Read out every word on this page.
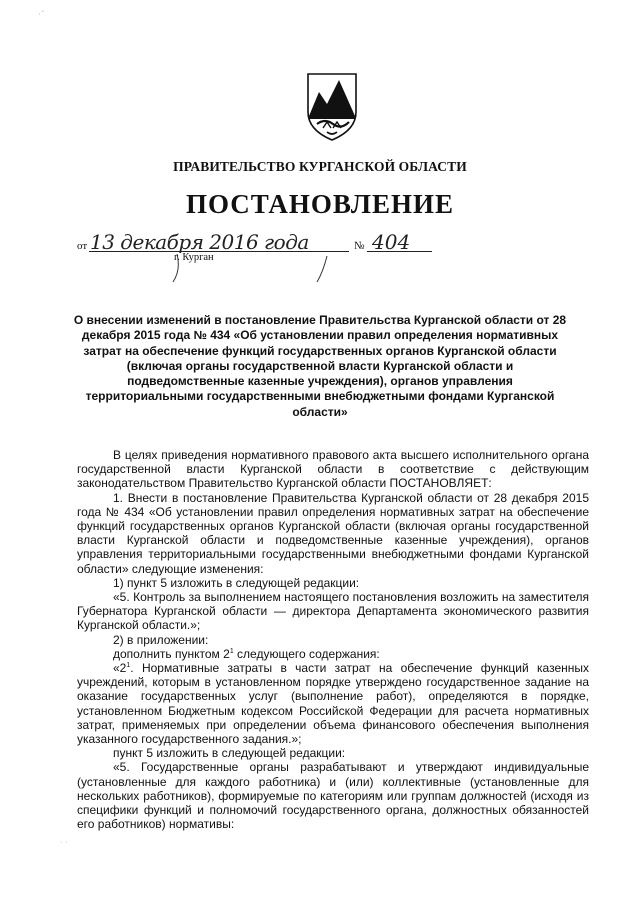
·ˊ
ПРАВИТЕЛЬСТВО КУРГАНСКОЙ ОБЛАСТИ
ПОСТАНОВЛЕНИЕ
от 13 декабря 2016 года	№ 404
г. Курган
О внесении изменений в постановление Правительства Курганской области от 28 декабря 2015 года № 434 «Об установлении правил определения нормативных затрат на обеспечение функций государственных органов Курганской области (включая органы государственной власти Курганской области и подведомственные казенные учреждения), органов управления территориальными государственными внебюджетными фондами Курганской области»

В целях приведения нормативного правового акта высшего исполнительного органа государственной власти Курганской области в соответствие с действующим законодательством Правительство Курганской области ПОСТАНОВЛЯЕТ:

1. Внести в постановление Правительства Курганской области от 28 декабря 2015 года № 434 «Об установлении правил определения нормативных затрат на обеспечение функций государственных органов Курганской области (включая органы государственной власти Курганской области и подведомственные казенные учреждения), органов управления территориальными государственными внебюджетными фондами Курганской области» следующие изменения:

1) пункт 5 изложить в следующей редакции:

«5. Контроль за выполнением настоящего постановления возложить на заместителя Губернатора Курганской области — директора Департамента экономического развития Курганской области.»;

2) в приложении:

дополнить пунктом $2^1$ следующего содержания:

«$2^1$. Нормативные затраты в части затрат на обеспечение функций казенных учреждений, которым в установленном порядке утверждено государственное задание на оказание государственных услуг (выполнение работ), определяются в порядке, установленном Бюджетным кодексом Российской Федерации для расчета нормативных затрат, применяемых при определении объема финансового обеспечения выполнения указанного государственного задания.»;

пункт 5 изложить в следующей редакции:

«5. Государственные органы разрабатывают и утверждают индивидуальные (установленные для каждого работника) и (или) коллективные (установленные для нескольких работников), формируемые по категориям или группам должностей (исходя из специфики функций и полномочий государственного органа, должностных обязанностей его работников) нормативы:

· ·
